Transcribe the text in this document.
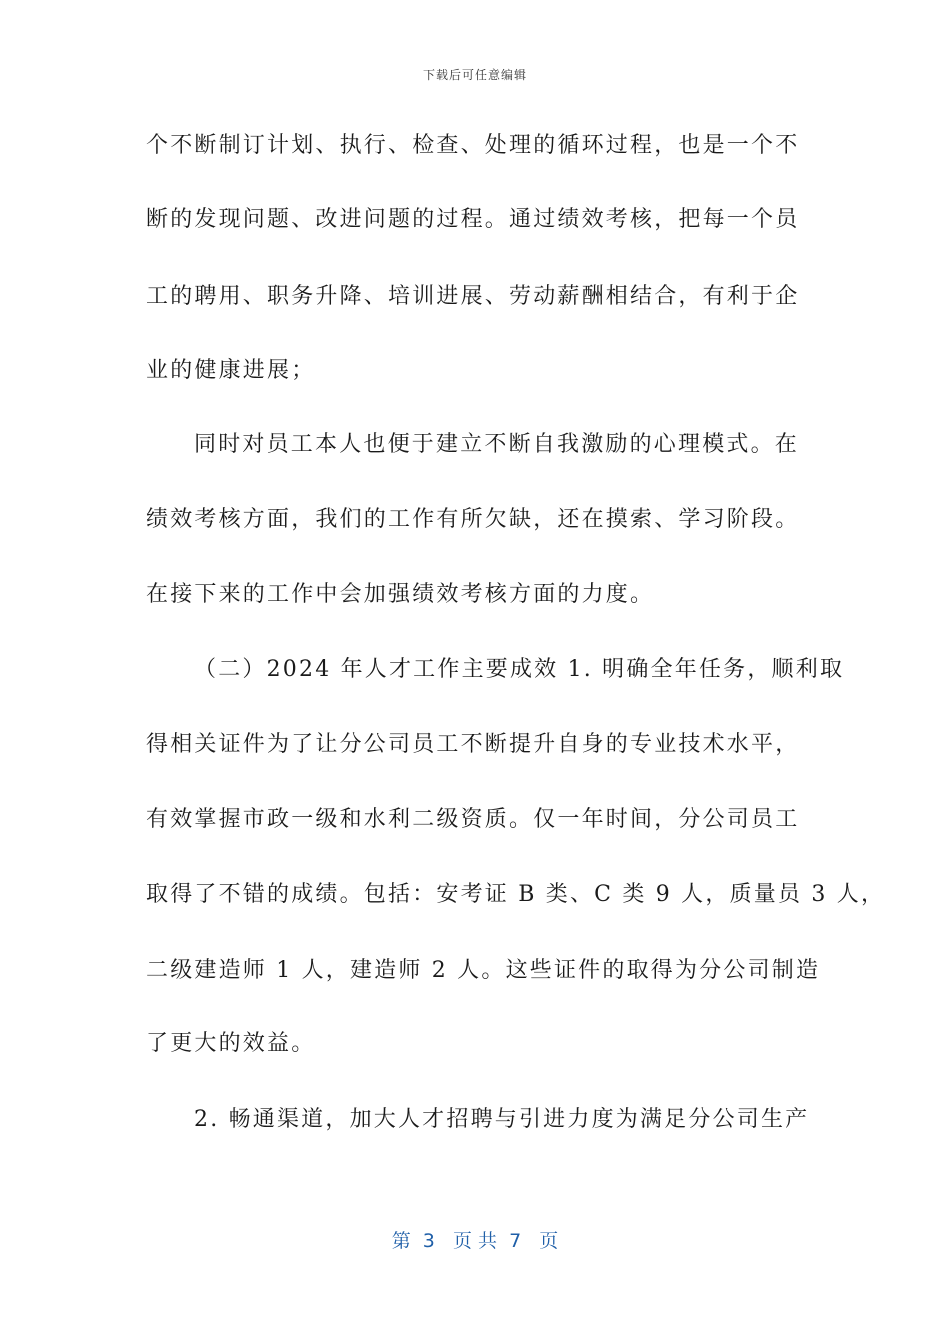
下载后可任意编辑
个不断制订计划、执行、检查、处理的循环过程，也是一个不
断的发现问题、改进问题的过程。通过绩效考核，把每一个员
工的聘用、职务升降、培训进展、劳动薪酬相结合，有利于企
业的健康进展；
同时对员工本人也便于建立不断自我激励的心理模式。在
绩效考核方面，我们的工作有所欠缺，还在摸索、学习阶段。
在接下来的工作中会加强绩效考核方面的力度。
（二）2024 年人才工作主要成效 1. 明确全年任务，顺利取
得相关证件为了让分公司员工不断提升自身的专业技术水平，
有效掌握市政一级和水利二级资质。仅一年时间，分公司员工
取得了不错的成绩。包括：安考证 B 类、C 类 9 人，质量员 3 人，
二级建造师 1 人，建造师 2 人。这些证件的取得为分公司制造
了更大的效益。
2. 畅通渠道，加大人才招聘与引进力度为满足分公司生产
第  3   页 共  7   页
